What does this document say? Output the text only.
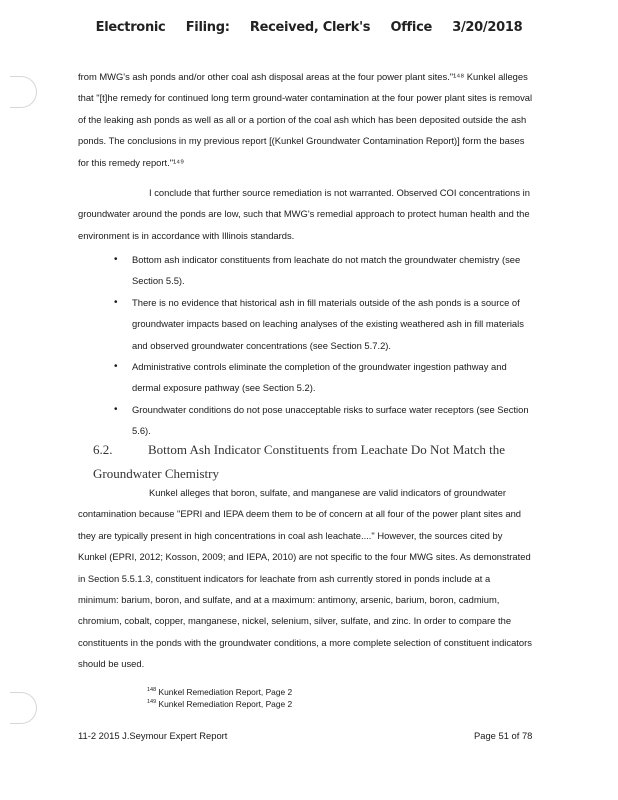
Electronic Filing: Received, Clerk's Office 3/20/2018

from MWG's ash ponds and/or other coal ash disposal areas at the four power plant sites."¹⁴⁸ Kunkel alleges that "[t]he remedy for continued long term ground-water contamination at the four power plant sites is removal of the leaking ash ponds as well as all or a portion of the coal ash which has been deposited outside the ash ponds. The conclusions in my previous report [(Kunkel Groundwater Contamination Report)] form the bases for this remedy report."¹⁴⁹

I conclude that further source remediation is not warranted. Observed COI concentrations in groundwater around the ponds are low, such that MWG's remedial approach to protect human health and the environment is in accordance with Illinois standards.

• Bottom ash indicator constituents from leachate do not match the groundwater chemistry (see Section 5.5).
• There is no evidence that historical ash in fill materials outside of the ash ponds is a source of groundwater impacts based on leaching analyses of the existing weathered ash in fill materials and observed groundwater concentrations (see Section 5.7.2).
• Administrative controls eliminate the completion of the groundwater ingestion pathway and dermal exposure pathway (see Section 5.2).
• Groundwater conditions do not pose unacceptable risks to surface water receptors (see Section 5.6).
6.2.	Bottom Ash Indicator Constituents from Leachate Do Not Match the Groundwater Chemistry

Kunkel alleges that boron, sulfate, and manganese are valid indicators of groundwater contamination because "EPRI and IEPA deem them to be of concern at all four of the power plant sites and they are typically present in high concentrations in coal ash leachate...." However, the sources cited by Kunkel (EPRI, 2012; Kosson, 2009; and IEPA, 2010) are not specific to the four MWG sites. As demonstrated in Section 5.5.1.3, constituent indicators for leachate from ash currently stored in ponds include at a minimum: barium, boron, and sulfate, and at a maximum: antimony, arsenic, barium, boron, cadmium, chromium, cobalt, copper, manganese, nickel, selenium, silver, sulfate, and zinc. In order to compare the constituents in the ponds with the groundwater conditions, a more complete selection of constituent indicators should be used.

$^{148}$ Kunkel Remediation Report, Page 2
$^{149}$ Kunkel Remediation Report, Page 2
11-2 2015 J.Seymour Expert Report	Page 51 of 78
